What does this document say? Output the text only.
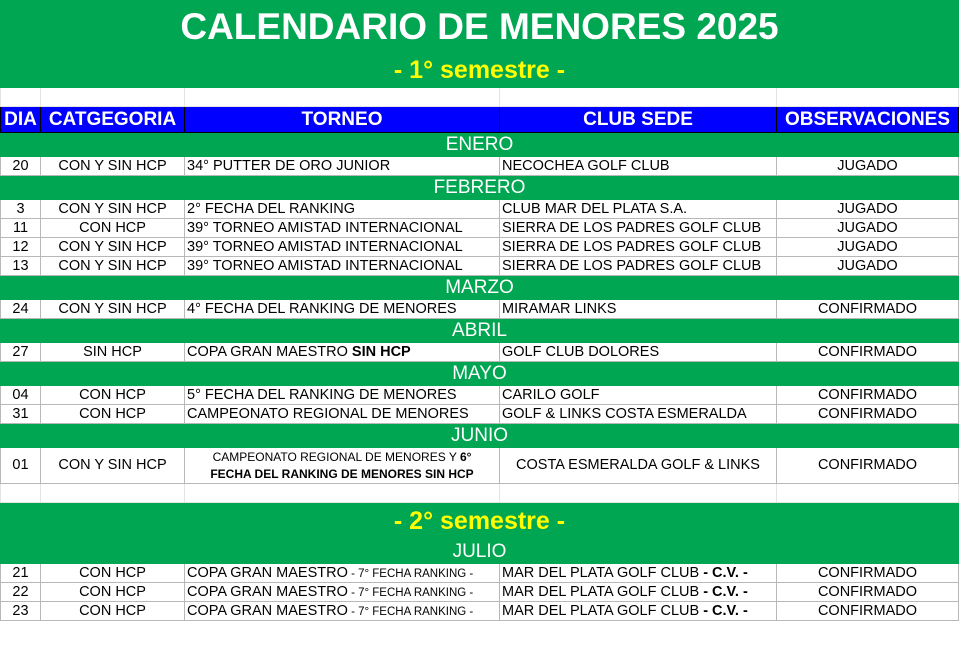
CALENDARIO DE MENORES 2025				
- 1° semestre -				

DIA	CATGEGORIA	TORNEO	CLUB SEDE	OBSERVACIONES
ENERO				
20	CON Y SIN HCP	34° PUTTER DE ORO JUNIOR	NECOCHEA GOLF CLUB	JUGADO
FEBRERO				
3	CON Y SIN HCP	2° FECHA DEL RANKING	CLUB MAR DEL PLATA S.A.	JUGADO
11	CON HCP	39° TORNEO AMISTAD INTERNACIONAL	SIERRA DE LOS PADRES GOLF CLUB	JUGADO
12	CON Y SIN HCP	39° TORNEO AMISTAD INTERNACIONAL	SIERRA DE LOS PADRES GOLF CLUB	JUGADO
13	CON Y SIN HCP	39° TORNEO AMISTAD INTERNACIONAL	SIERRA DE LOS PADRES GOLF CLUB	JUGADO
MARZO				
24	CON Y SIN HCP	4° FECHA DEL RANKING DE MENORES	MIRAMAR LINKS	CONFIRMADO
ABRIL				
27	SIN HCP	COPA GRAN MAESTRO SIN HCP	GOLF CLUB DOLORES	CONFIRMADO
MAYO				
04	CON HCP	5° FECHA DEL RANKING DE MENORES	CARILO GOLF	CONFIRMADO
31	CON HCP	CAMPEONATO REGIONAL DE MENORES	GOLF & LINKS COSTA ESMERALDA	CONFIRMADO
JUNIO				
01	CON Y SIN HCP	CAMPEONATO REGIONAL DE MENORES Y 6°
FECHA DEL RANKING DE MENORES SIN HCP	COSTA ESMERALDA GOLF & LINKS	CONFIRMADO

- 2° semestre -				
JULIO				
21	CON HCP	COPA GRAN MAESTRO - 7° FECHA RANKING -	MAR DEL PLATA GOLF CLUB - C.V. -	CONFIRMADO
22	CON HCP	COPA GRAN MAESTRO - 7° FECHA RANKING -	MAR DEL PLATA GOLF CLUB - C.V. -	CONFIRMADO
23	CON HCP	COPA GRAN MAESTRO - 7° FECHA RANKING -	MAR DEL PLATA GOLF CLUB - C.V. -	CONFIRMADO
